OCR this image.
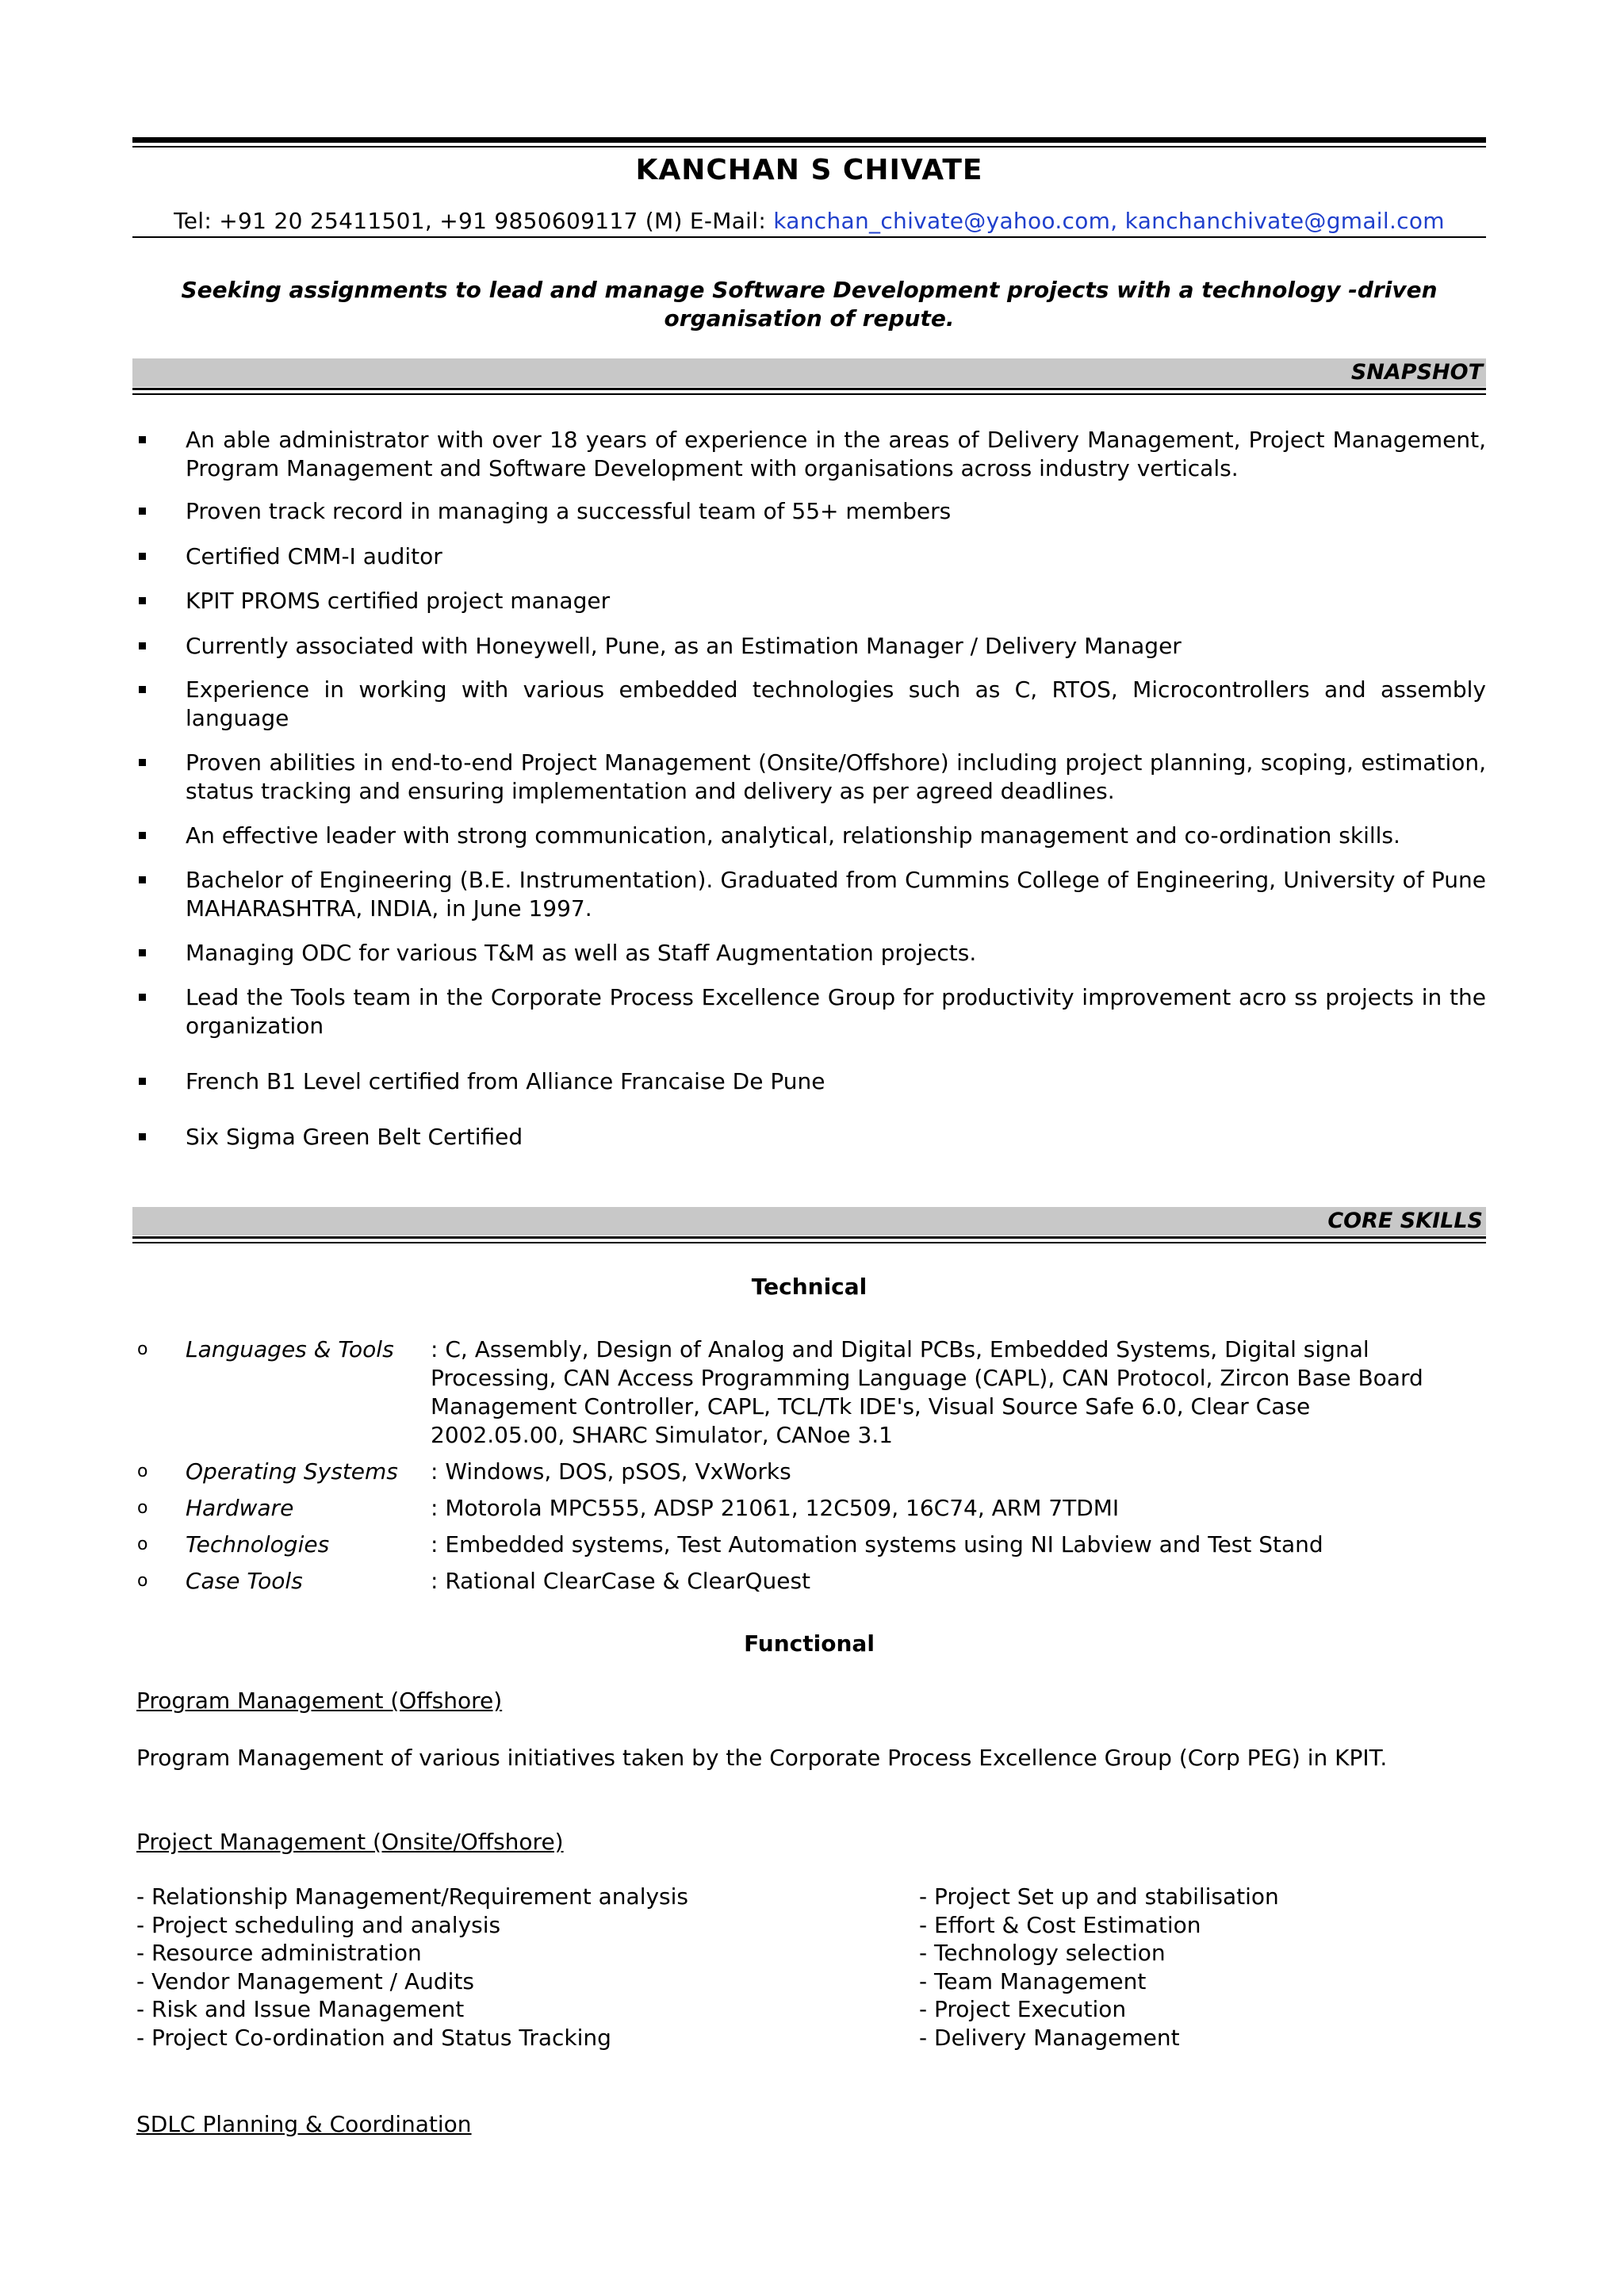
KANCHAN S CHIVATE
Tel: +91 20 25411501, +91 9850609117 (M) E-Mail: kanchan_chivate@yahoo.com, kanchanchivate@gmail.com
Seeking assignments to lead and manage Software Development projects with a technology -driven
organisation of repute.
SNAPSHOT
An able administrator with over 18 years of experience in the areas of Delivery Management, Project Management, Program Management and Software Development with organisations across industry verticals.
Proven track record in managing a successful team of 55+ members
Certified CMM-I auditor
KPIT PROMS certified project manager
Currently associated with Honeywell, Pune, as an Estimation Manager / Delivery Manager
Experience in working with various embedded technologies such as C, RTOS, Microcontrollers and assembly language
Proven abilities in end-to-end Project Management (Onsite/Offshore) including project planning, scoping, estimation, status tracking and ensuring implementation and delivery as per agreed deadlines.
An effective leader with strong communication, analytical, relationship management and co-ordination skills.
Bachelor of Engineering (B.E. Instrumentation). Graduated from Cummins College of Engineering, University of Pune MAHARASHTRA, INDIA, in June 1997.
Managing ODC for various T&M as well as Staff Augmentation projects.
Lead the Tools team in the Corporate Process Excellence Group for productivity improvement acro ss projects in the organization
French B1 Level certified from Alliance Francaise De Pune
Six Sigma Green Belt Certified
CORE SKILLS
Technical
o Languages & Tools : C, Assembly, Design of Analog and Digital PCBs, Embedded Systems, Digital signal
Processing, CAN Access Programming Language (CAPL), CAN Protocol, Zircon Base Board
Management Controller, CAPL, TCL/Tk IDE's, Visual Source Safe 6.0, Clear Case
2002.05.00, SHARC Simulator, CANoe 3.1
o Operating Systems : Windows, DOS, pSOS, VxWorks
o Hardware	: Motorola MPC555, ADSP 21061, 12C509, 16C74, ARM 7TDMI
o Technologies	: Embedded systems, Test Automation systems using NI Labview and Test Stand
o Case Tools	: Rational ClearCase & ClearQuest
Functional
Program Management (Offshore)
Program Management of various initiatives taken by the Corporate Process Excellence Group (Corp PEG) in KPIT.
Project Management (Onsite/Offshore)
- Relationship Management/Requirement analysis
- Project scheduling and analysis
- Resource administration
- Vendor Management / Audits
- Risk and Issue Management
- Project Co-ordination and Status Tracking
- Project Set up and stabilisation
- Effort & Cost Estimation
- Technology selection
- Team Management
- Project Execution
- Delivery Management
SDLC Planning & Coordination
